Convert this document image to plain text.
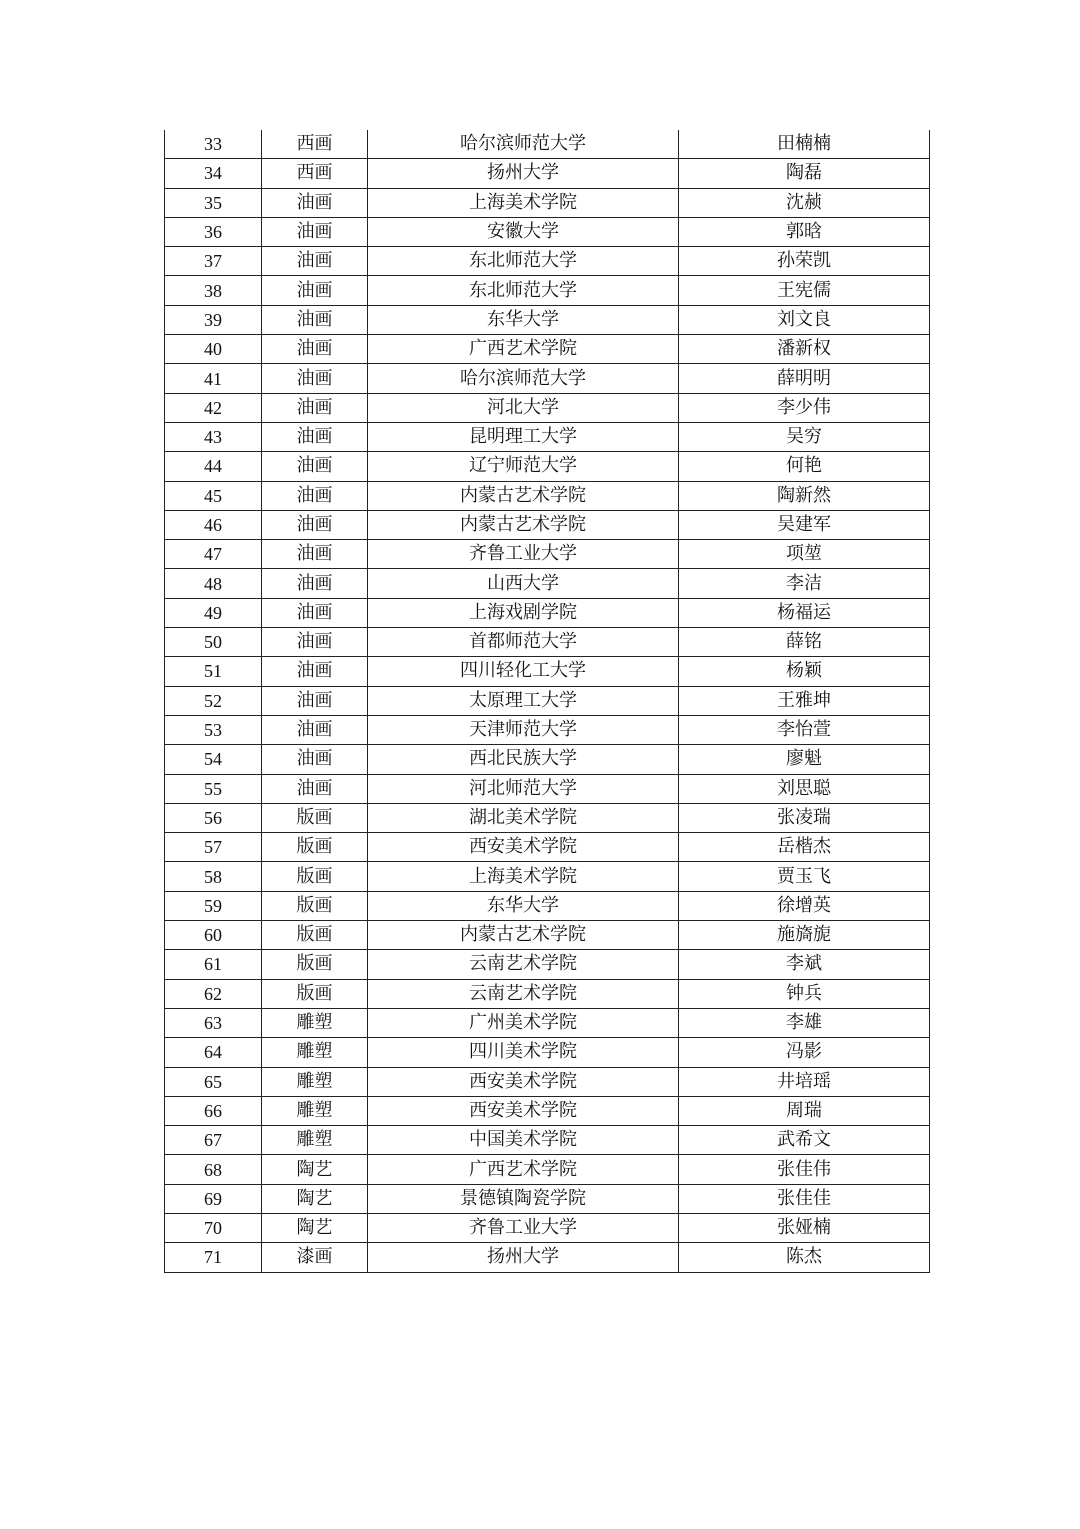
33	西画	哈尔滨师范大学	田楠楠
34	西画	扬州大学	陶磊
35	油画	上海美术学院	沈赪
36	油画	安徽大学	郭晗
37	油画	东北师范大学	孙荣凯
38	油画	东北师范大学	王宪儒
39	油画	东华大学	刘文良
40	油画	广西艺术学院	潘新权
41	油画	哈尔滨师范大学	薛明明
42	油画	河北大学	李少伟
43	油画	昆明理工大学	吴穷
44	油画	辽宁师范大学	何艳
45	油画	内蒙古艺术学院	陶新然
46	油画	内蒙古艺术学院	吴建军
47	油画	齐鲁工业大学	项堃
48	油画	山西大学	李洁
49	油画	上海戏剧学院	杨福运
50	油画	首都师范大学	薛铭
51	油画	四川轻化工大学	杨颖
52	油画	太原理工大学	王雅坤
53	油画	天津师范大学	李怡萱
54	油画	西北民族大学	廖魁
55	油画	河北师范大学	刘思聪
56	版画	湖北美术学院	张凌瑞
57	版画	西安美术学院	岳楷杰
58	版画	上海美术学院	贾玉飞
59	版画	东华大学	徐增英
60	版画	内蒙古艺术学院	施旖旎
61	版画	云南艺术学院	李斌
62	版画	云南艺术学院	钟兵
63	雕塑	广州美术学院	李雄
64	雕塑	四川美术学院	冯影
65	雕塑	西安美术学院	井培瑶
66	雕塑	西安美术学院	周瑞
67	雕塑	中国美术学院	武希文
68	陶艺	广西艺术学院	张佳伟
69	陶艺	景德镇陶瓷学院	张佳佳
70	陶艺	齐鲁工业大学	张娅楠
71	漆画	扬州大学	陈杰
